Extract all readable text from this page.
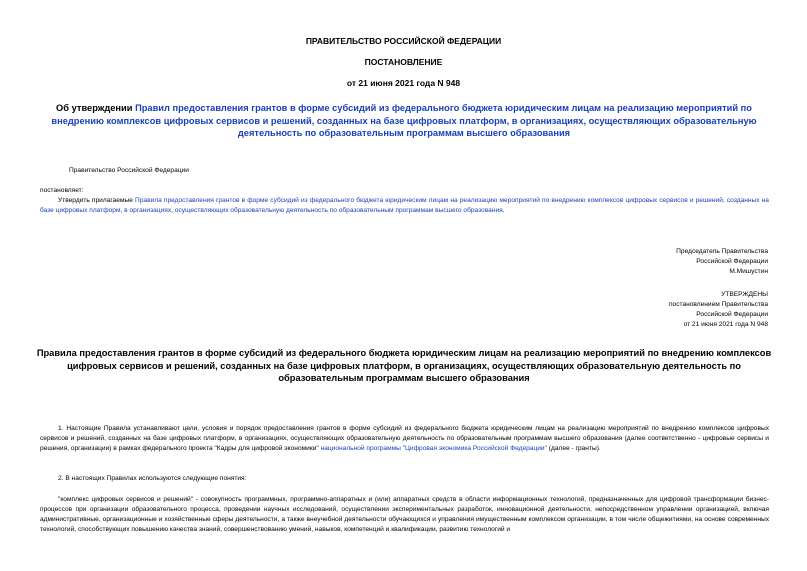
ПРАВИТЕЛЬСТВО РОССИЙСКОЙ ФЕДЕРАЦИИ
ПОСТАНОВЛЕНИЕ
от 21 июня 2021 года N 948
Об утверждении Правил предоставления грантов в форме субсидий из федерального бюджета юридическим лицам на реализацию мероприятий по внедрению комплексов цифровых сервисов и решений, созданных на базе цифровых платформ, в организациях, осуществляющих образовательную деятельность по образовательным программам высшего образования
Правительство Российской Федерации
постановляет:
Утвердить прилагаемые Правила предоставления грантов в форме субсидий из федерального бюджета юридическим лицам на реализацию мероприятий по внедрению комплексов цифровых сервисов и решений, созданных на базе цифровых платформ, в организациях, осуществляющих образовательную деятельность по образовательным программам высшего образования.
Председатель Правительства
Российской Федерации
М.Мишустин
УТВЕРЖДЕНЫ
постановлением Правительства
Российской Федерации
от 21 июня 2021 года N 948
Правила предоставления грантов в форме субсидий из федерального бюджета юридическим лицам на реализацию мероприятий по внедрению комплексов цифровых сервисов и решений, созданных на базе цифровых платформ, в организациях, осуществляющих образовательную деятельность по образовательным программам высшего образования
1. Настоящие Правила устанавливают цели, условия и порядок предоставления грантов в форме субсидий из федерального бюджета юридическим лицам на реализацию мероприятий по внедрению комплексов цифровых сервисов и решений, созданных на базе цифровых платформ, в организациях, осуществляющих образовательную деятельность по образовательным программам высшего образования (далее соответственно - цифровые сервисы и решения, организации) в рамках федерального проекта "Кадры для цифровой экономики" национальной программы "Цифровая экономика Российской Федерации" (далее - гранты).
2. В настоящих Правилах используются следующие понятия:
"комплекс цифровых сервисов и решений" - совокупность программных, программно-аппаратных и (или) аппаратных средств в области информационных технологий, предназначенных для цифровой трансформации бизнес-процессов при организации образовательного процесса, проведении научных исследований, осуществлении экспериментальных разработок, инновационной деятельности, непосредственном управлении организацией, включая административные, организационные и хозяйственные сферы деятельности, а также внеучебной деятельности обучающихся и управления имущественным комплексом организации, в том числе общежитиями, на основе современных технологий, способствующих повышению качества знаний, совершенствованию умений, навыков, компетенций и квалификации, развитию технологий и
